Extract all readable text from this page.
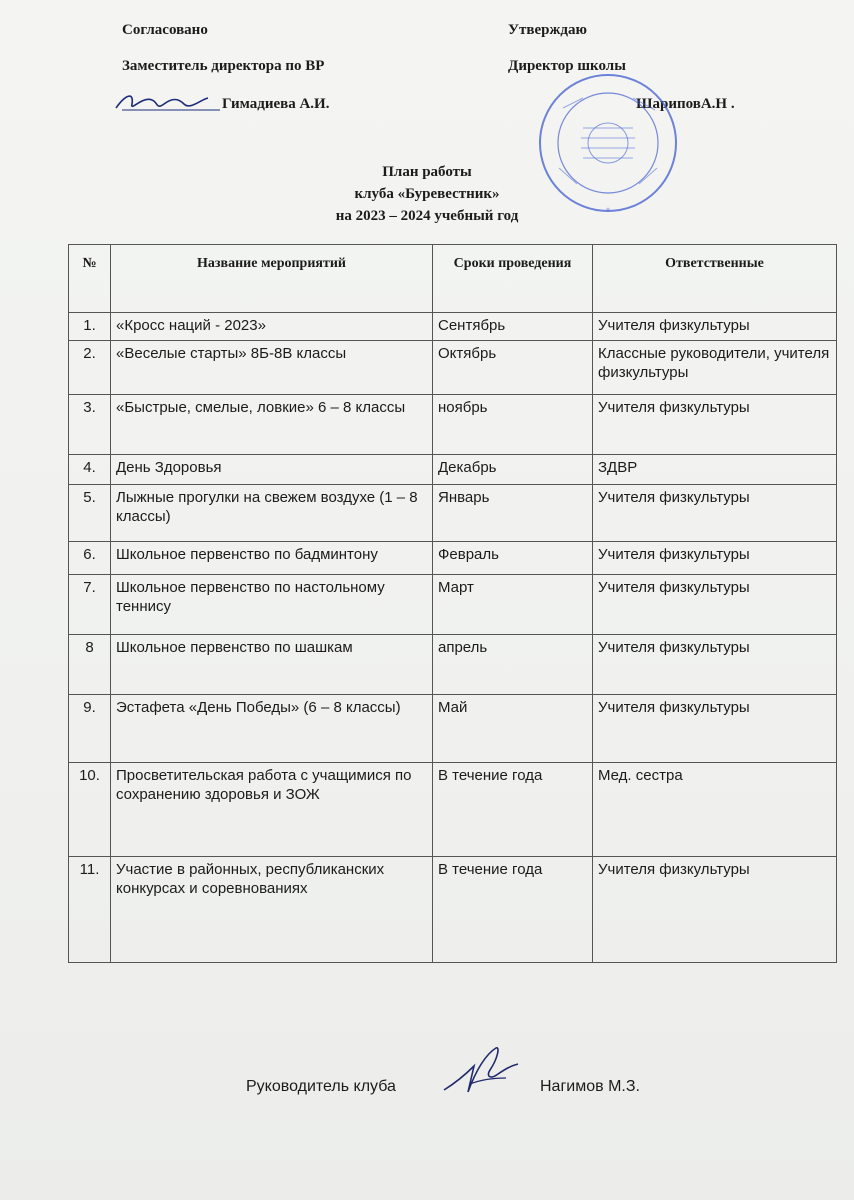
Согласовано	Утверждаю
Заместитель директора по ВР	Директор школы
Гимадиева А.И.	ШариповА.Н .
*
План работы
клуба «Буревестник»
на 2023 – 2024 учебный год
№	Название мероприятий	Сроки проведения	Ответственные
1.	«Кросс наций - 2023»	Сентябрь	Учителя физкультуры
2.	«Веселые старты» 8Б-8В классы	Октябрь	Классные руководители, учителя физкультуры
3.	«Быстрые, смелые, ловкие» 6 – 8 классы	ноябрь	Учителя физкультуры
4.	День Здоровья	Декабрь	ЗДВР
5.	Лыжные прогулки на свежем воздухе (1 – 8 классы)	Январь	Учителя физкультуры
6.	Школьное первенство по бадминтону	Февраль	Учителя физкультуры
7.	Школьное первенство по настольному теннису	Март	Учителя физкультуры
8	Школьное первенство по шашкам	апрель	Учителя физкультуры
9.	Эстафета «День Победы» (6 – 8 классы)	Май	Учителя физкультуры
10.	Просветительская работа с учащимися по сохранению здоровья и ЗОЖ	В течение года	Мед. сестра
11.	Участие в районных, республиканских конкурсах и соревнованиях	В течение года	Учителя физкультуры
Руководитель клуба	Нагимов М.З.
